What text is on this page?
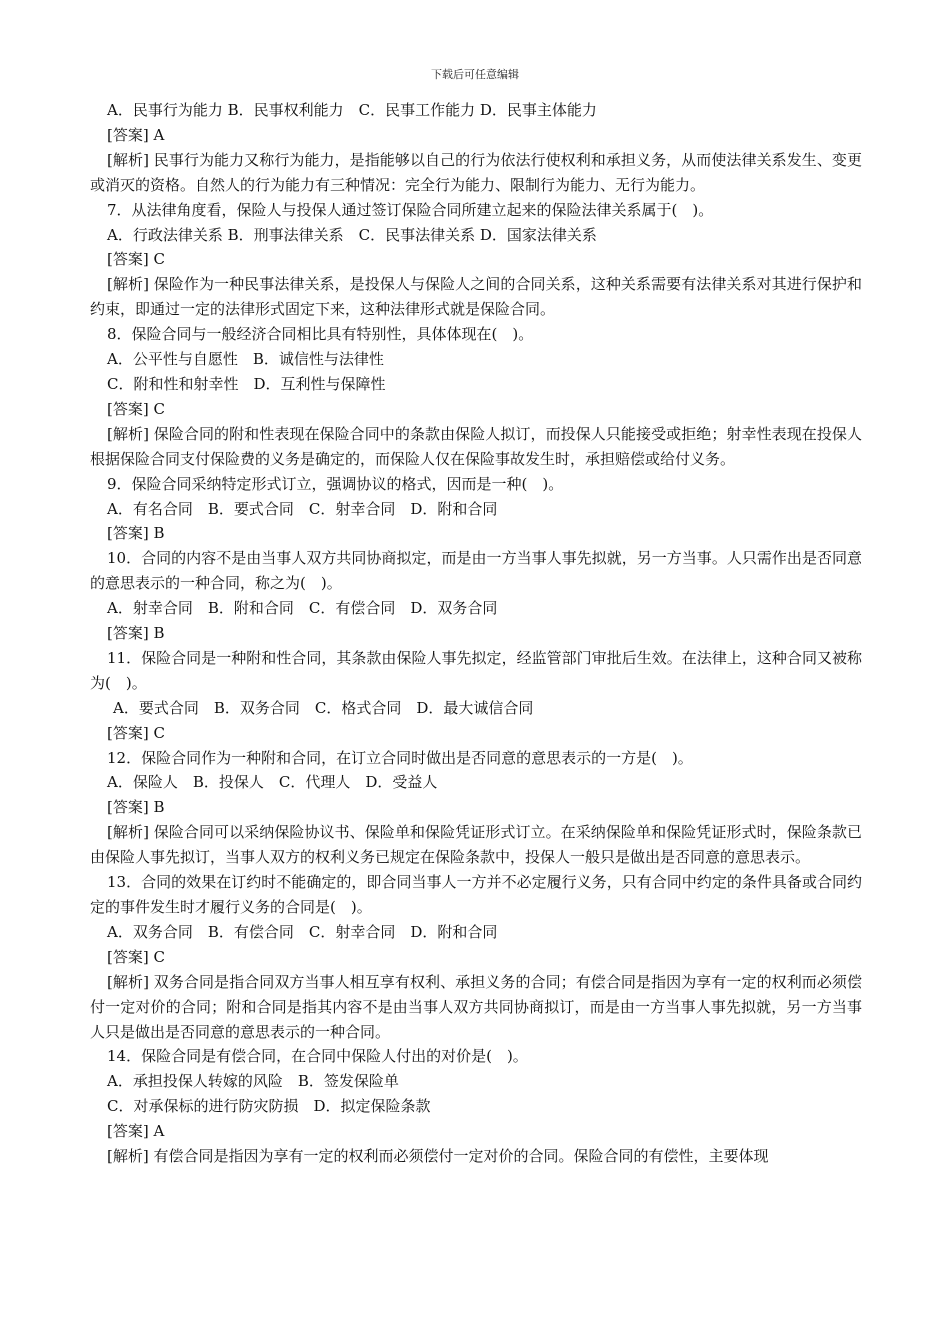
下载后可任意编辑
A．民事行为能力 B．民事权利能力　C．民事工作能力 D．民事主体能力
[答案] A
[解析] 民事行为能力又称行为能力，是指能够以自己的行为依法行使权利和承担义务，从而使法律关系发生、变更或消灭的资格。自然人的行为能力有三种情况：完全行为能力、限制行为能力、无行为能力。
7．从法律角度看，保险人与投保人通过签订保险合同所建立起来的保险法律关系属于(　)。
A．行政法律关系 B．刑事法律关系　C．民事法律关系 D．国家法律关系
[答案] C
[解析] 保险作为一种民事法律关系，是投保人与保险人之间的合同关系，这种关系需要有法律关系对其进行保护和约束，即通过一定的法律形式固定下来，这种法律形式就是保险合同。
8．保险合同与一般经济合同相比具有特别性，具体体现在(　)。
A．公平性与自愿性　B．诚信性与法律性
C．附和性和射幸性　D．互利性与保障性
[答案] C
[解析] 保险合同的附和性表现在保险合同中的条款由保险人拟订，而投保人只能接受或拒绝；射幸性表现在投保人根据保险合同支付保险费的义务是确定的，而保险人仅在保险事故发生时，承担赔偿或给付义务。
9．保险合同采纳特定形式订立，强调协议的格式，因而是一种(　)。
A．有名合同　B．要式合同　C．射幸合同　D．附和合同
[答案] B
10．合同的内容不是由当事人双方共同协商拟定，而是由一方当事人事先拟就，另一方当事。人只需作出是否同意的意思表示的一种合同，称之为(　)。
A．射幸合同　B．附和合同　C．有偿合同　D．双务合同
[答案] B
11．保险合同是一种附和性合同，其条款由保险人事先拟定，经监管部门审批后生效。在法律上，这种合同又被称为(　)。
A．要式合同　B．双务合同　C．格式合同　D．最大诚信合同
[答案] C
12．保险合同作为一种附和合同，在订立合同时做出是否同意的意思表示的一方是(　)。
A．保险人　B．投保人　C．代理人　D．受益人
[答案] B
[解析] 保险合同可以采纳保险协议书、保险单和保险凭证形式订立。在采纳保险单和保险凭证形式时，保险条款已由保险人事先拟订，当事人双方的权利义务已规定在保险条款中，投保人一般只是做出是否同意的意思表示。
13．合同的效果在订约时不能确定的，即合同当事人一方并不必定履行义务，只有合同中约定的条件具备或合同约定的事件发生时才履行义务的合同是(　)。
A．双务合同　B．有偿合同　C．射幸合同　D．附和合同
[答案] C
[解析] 双务合同是指合同双方当事人相互享有权利、承担义务的合同；有偿合同是指因为享有一定的权利而必须偿付一定对价的合同；附和合同是指其内容不是由当事人双方共同协商拟订，而是由一方当事人事先拟就，另一方当事人只是做出是否同意的意思表示的一种合同。
14．保险合同是有偿合同，在合同中保险人付出的对价是(　)。
A．承担投保人转嫁的风险　B．签发保险单
C．对承保标的进行防灾防损　D．拟定保险条款
[答案] A
[解析] 有偿合同是指因为享有一定的权利而必须偿付一定对价的合同。保险合同的有偿性，主要体现
